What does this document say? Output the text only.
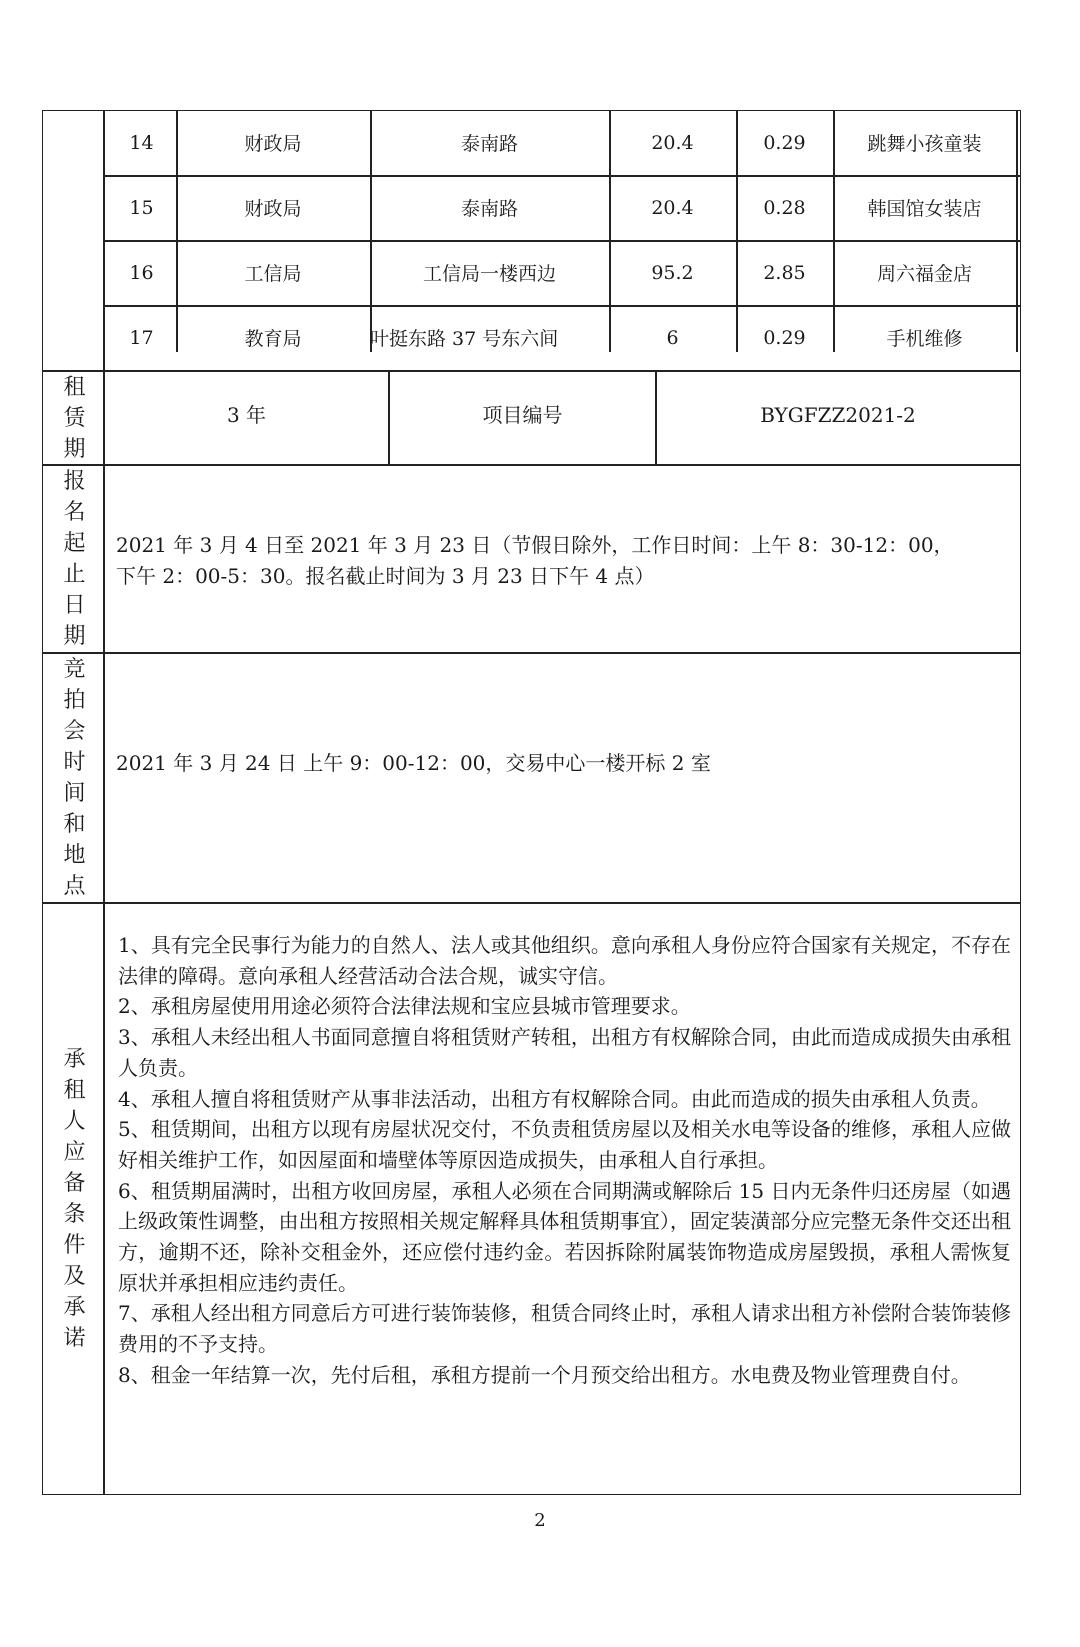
14	财政局	泰南路	20.4	0.29	跳舞小孩童装
15	财政局	泰南路	20.4	0.28	韩国馆女装店
16	工信局	工信局一楼西边	95.2	2.85	周六福金店
17	教育局	叶挺东路 37 号东六间	6	0.29	手机维修
租
赁
期
3 年	项目编号	BYGFZZ2021-2
报
名
起
止
日
期
2021 年 3 月 4 日至 2021 年 3 月 23 日（节假日除外，工作日时间：上午 8：30-12：00，
下午 2：00-5：30。报名截止时间为 3 月 23 日下午 4 点）
竞
拍
会
时
间
和
地
点
2021 年 3 月 24 日 上午 9：00-12：00，交易中心一楼开标 2 室
承
租
人
应
备
条
件
及
承
诺

1、具有完全民事行为能力的自然人、法人或其他组织。意向承租人身份应符合国家有关规定，不存在法律的障碍。意向承租人经营活动合法合规，诚实守信。

2、承租房屋使用用途必须符合法律法规和宝应县城市管理要求。

3、承租人未经出租人书面同意擅自将租赁财产转租，出租方有权解除合同，由此而造成成损失由承租人负责。

4、承租人擅自将租赁财产从事非法活动，出租方有权解除合同。由此而造成的损失由承租人负责。

5、租赁期间，出租方以现有房屋状况交付，不负责租赁房屋以及相关水电等设备的维修，承租人应做好相关维护工作，如因屋面和墙壁体等原因造成损失，由承租人自行承担。

6、租赁期届满时，出租方收回房屋，承租人必须在合同期满或解除后 15 日内无条件归还房屋（如遇上级政策性调整，由出租方按照相关规定解释具体租赁期事宜），固定装潢部分应完整无条件交还出租方，逾期不还，除补交租金外，还应偿付违约金。若因拆除附属装饰物造成房屋毁损，承租人需恢复原状并承担相应违约责任。

7、承租人经出租方同意后方可进行装饰装修，租赁合同终止时，承租人请求出租方补偿附合装饰装修费用的不予支持。

8、租金一年结算一次，先付后租，承租方提前一个月预交给出租方。水电费及物业管理费自付。

2
